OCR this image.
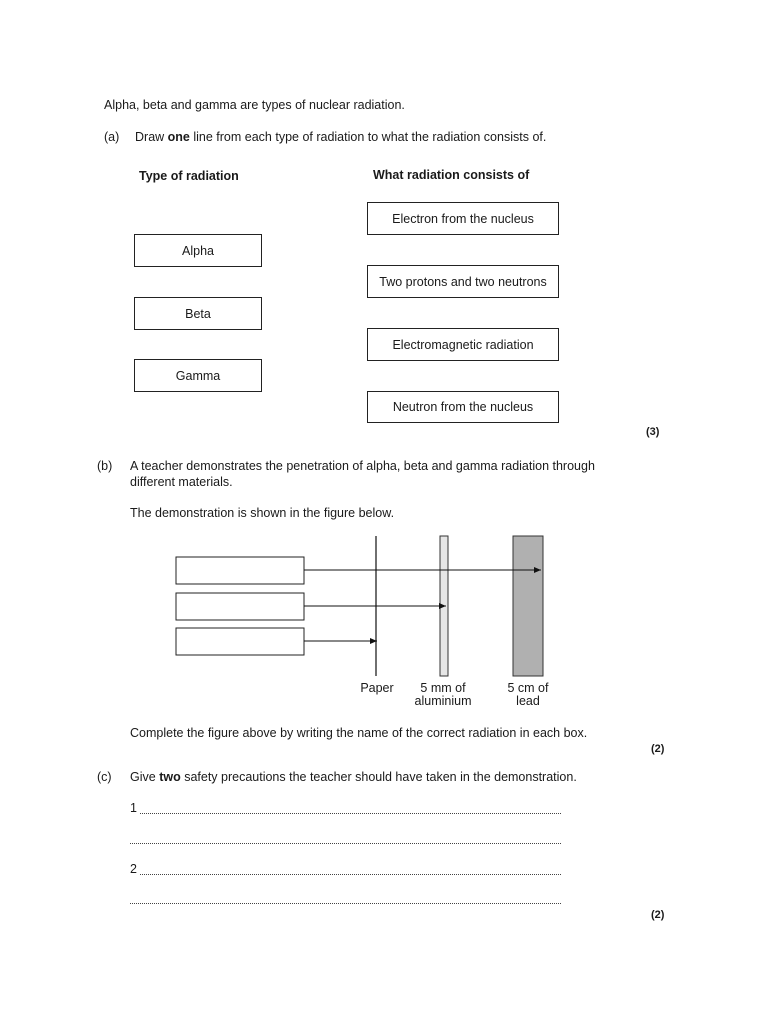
Alpha, beta and gamma are types of nuclear radiation.
(a) Draw one line from each type of radiation to what the radiation consists of.
Type of radiation	What radiation consists of
Alpha
Beta
Gamma
Electron from the nucleus
Two protons and two neutrons
Electromagnetic radiation
Neutron from the nucleus
(3)
(b) A teacher demonstrates the penetration of alpha, beta and gamma radiation through
different materials.
The demonstration is shown in the figure below.
Paper 5 mm of
aluminium
5 cm of
lead
Complete the figure above by writing the name of the correct radiation in each box.
(2)
(c) Give two safety precautions the teacher should have taken in the demonstration.
1
2
(2)
